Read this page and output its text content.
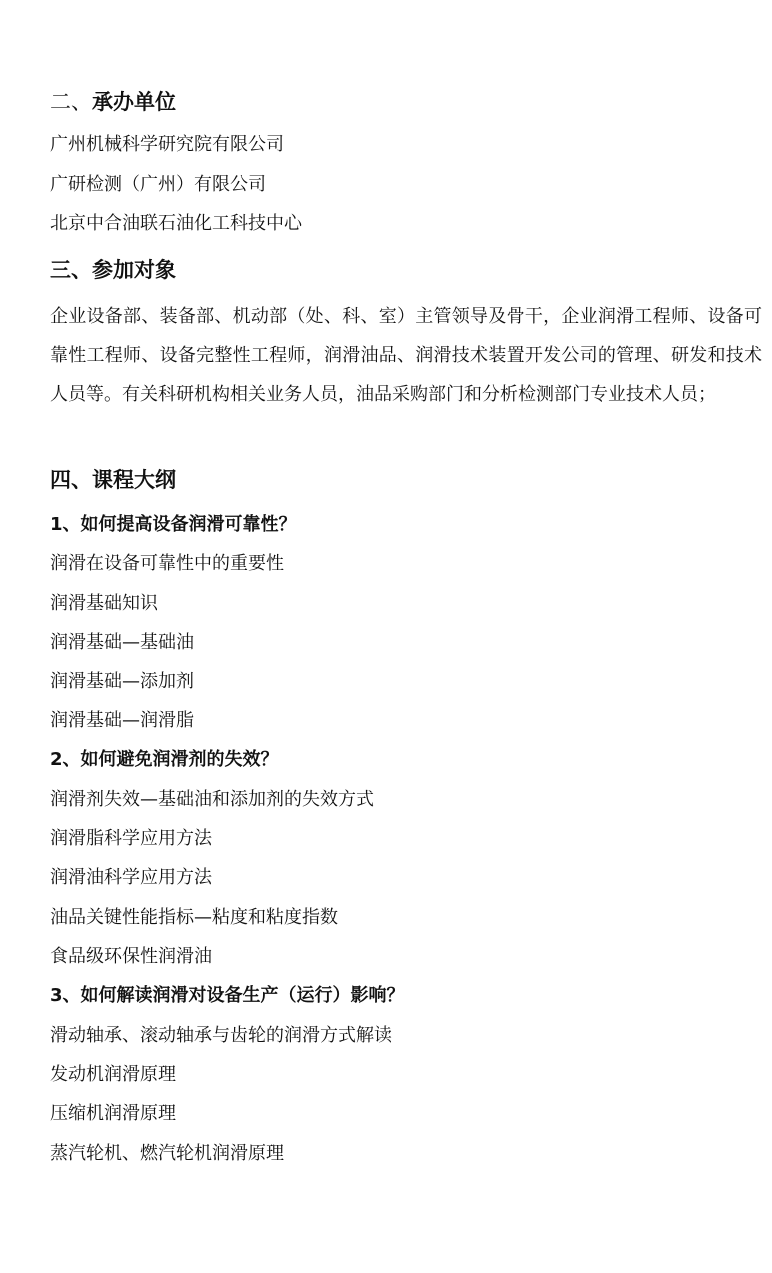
二、承办单位
广州机械科学研究院有限公司
广研检测（广州）有限公司
北京中合油联石油化工科技中心
三、参加对象
企业设备部、装备部、机动部（处、科、室）主管领导及骨干，企业润滑工程师、设备可靠性工程师、设备完整性工程师，润滑油品、润滑技术装置开发公司的管理、研发和技术人员等。有关科研机构相关业务人员，油品采购部门和分析检测部门专业技术人员；
四、课程大纲
1、如何提高设备润滑可靠性？
润滑在设备可靠性中的重要性
润滑基础知识
润滑基础—基础油
润滑基础—添加剂
润滑基础—润滑脂
2、如何避免润滑剂的失效？
润滑剂失效—基础油和添加剂的失效方式
润滑脂科学应用方法
润滑油科学应用方法
油品关键性能指标—粘度和粘度指数
食品级环保性润滑油
3、如何解读润滑对设备生产（运行）影响？
滑动轴承、滚动轴承与齿轮的润滑方式解读
发动机润滑原理
压缩机润滑原理
蒸汽轮机、燃汽轮机润滑原理
